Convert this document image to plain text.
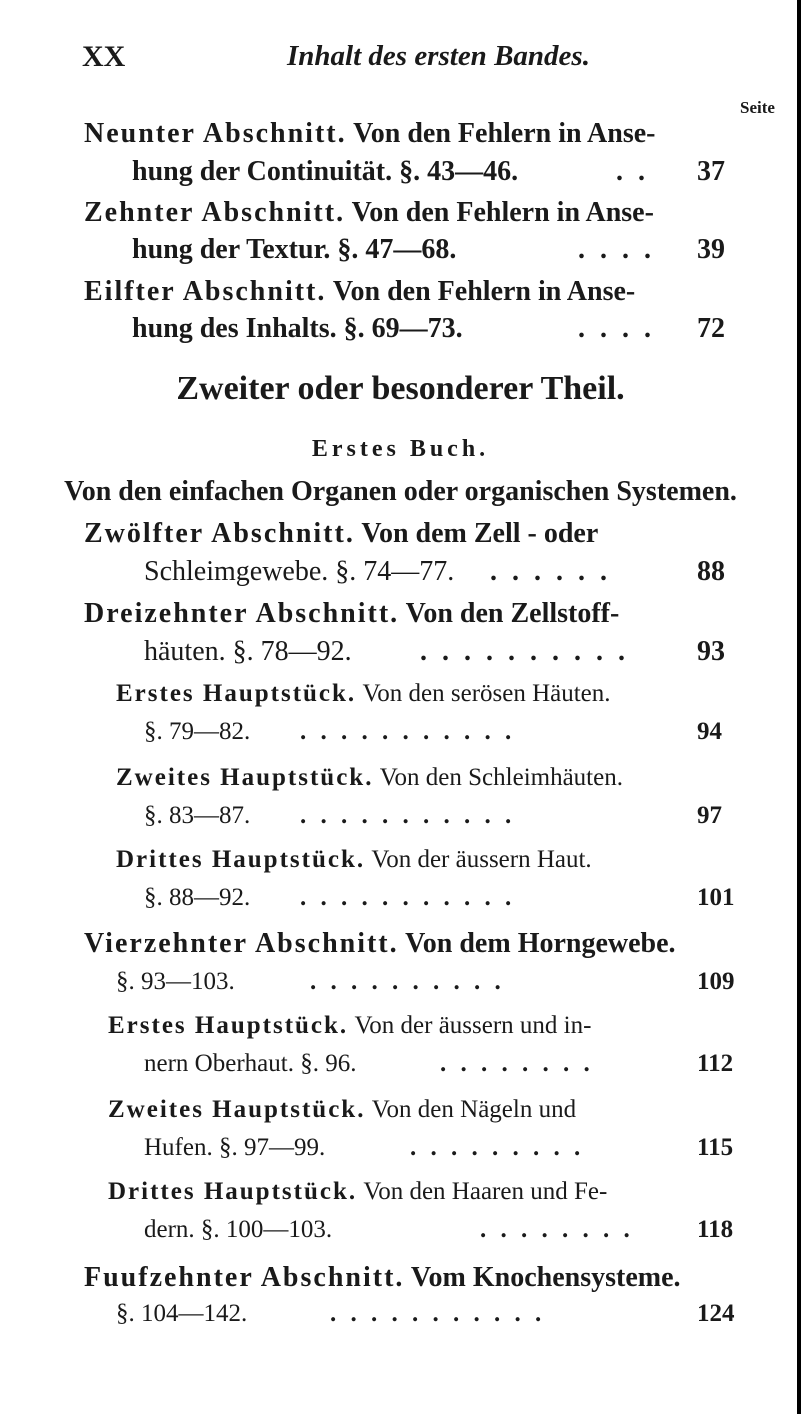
XX	Inhalt des ersten Bandes.
Seite
Neunter Abschnitt. Von den Fehlern in Anse-
hung der Continuität. §. 43—46.	. . 37
Zehnter Abschnitt. Von den Fehlern in Anse-
hung der Textur. §. 47—68.	. . . . 39
Eilfter Abschnitt. Von den Fehlern in Anse-
hung des Inhalts. §. 69—73.	. . . . 72
Zweiter oder besonderer Theil.
Erstes Buch.
Von den einfachen Organen oder organischen Systemen.
Zwölfter Abschnitt. Von dem Zell - oder
Schleimgewebe. §. 74—77. . . . . . .	88
Dreizehnter Abschnitt. Von den Zellstoff-
häuten. §. 78—92. . . . . . . . . . .	93
Erstes Hauptstück. Von den serösen Häuten.
§. 79—82. . . . . . . . . . . .	94
Zweites Hauptstück. Von den Schleimhäuten.
§. 83—87. . . . . . . . . . . .	97
Drittes Hauptstück. Von der äussern Haut.
§. 88—92. . . . . . . . . . . .	101
Vierzehnter Abschnitt. Von dem Horngewebe.
§. 93—103.	. . . . . . . . . .	109
Erstes Hauptstück. Von der äussern und in-
nern Oberhaut. §. 96.	. . . . . . . .	112
Zweites Hauptstück. Von den Nägeln und
Hufen. §. 97—99.	. . . . . . . . .	115
Drittes Hauptstück. Von den Haaren und Fe-
dern. §. 100—103.	. . . . . . . .	118
Fuufzehnter Abschnitt. Vom Knochensysteme.
§. 104—142.	. . . . . . . . . . .	124
